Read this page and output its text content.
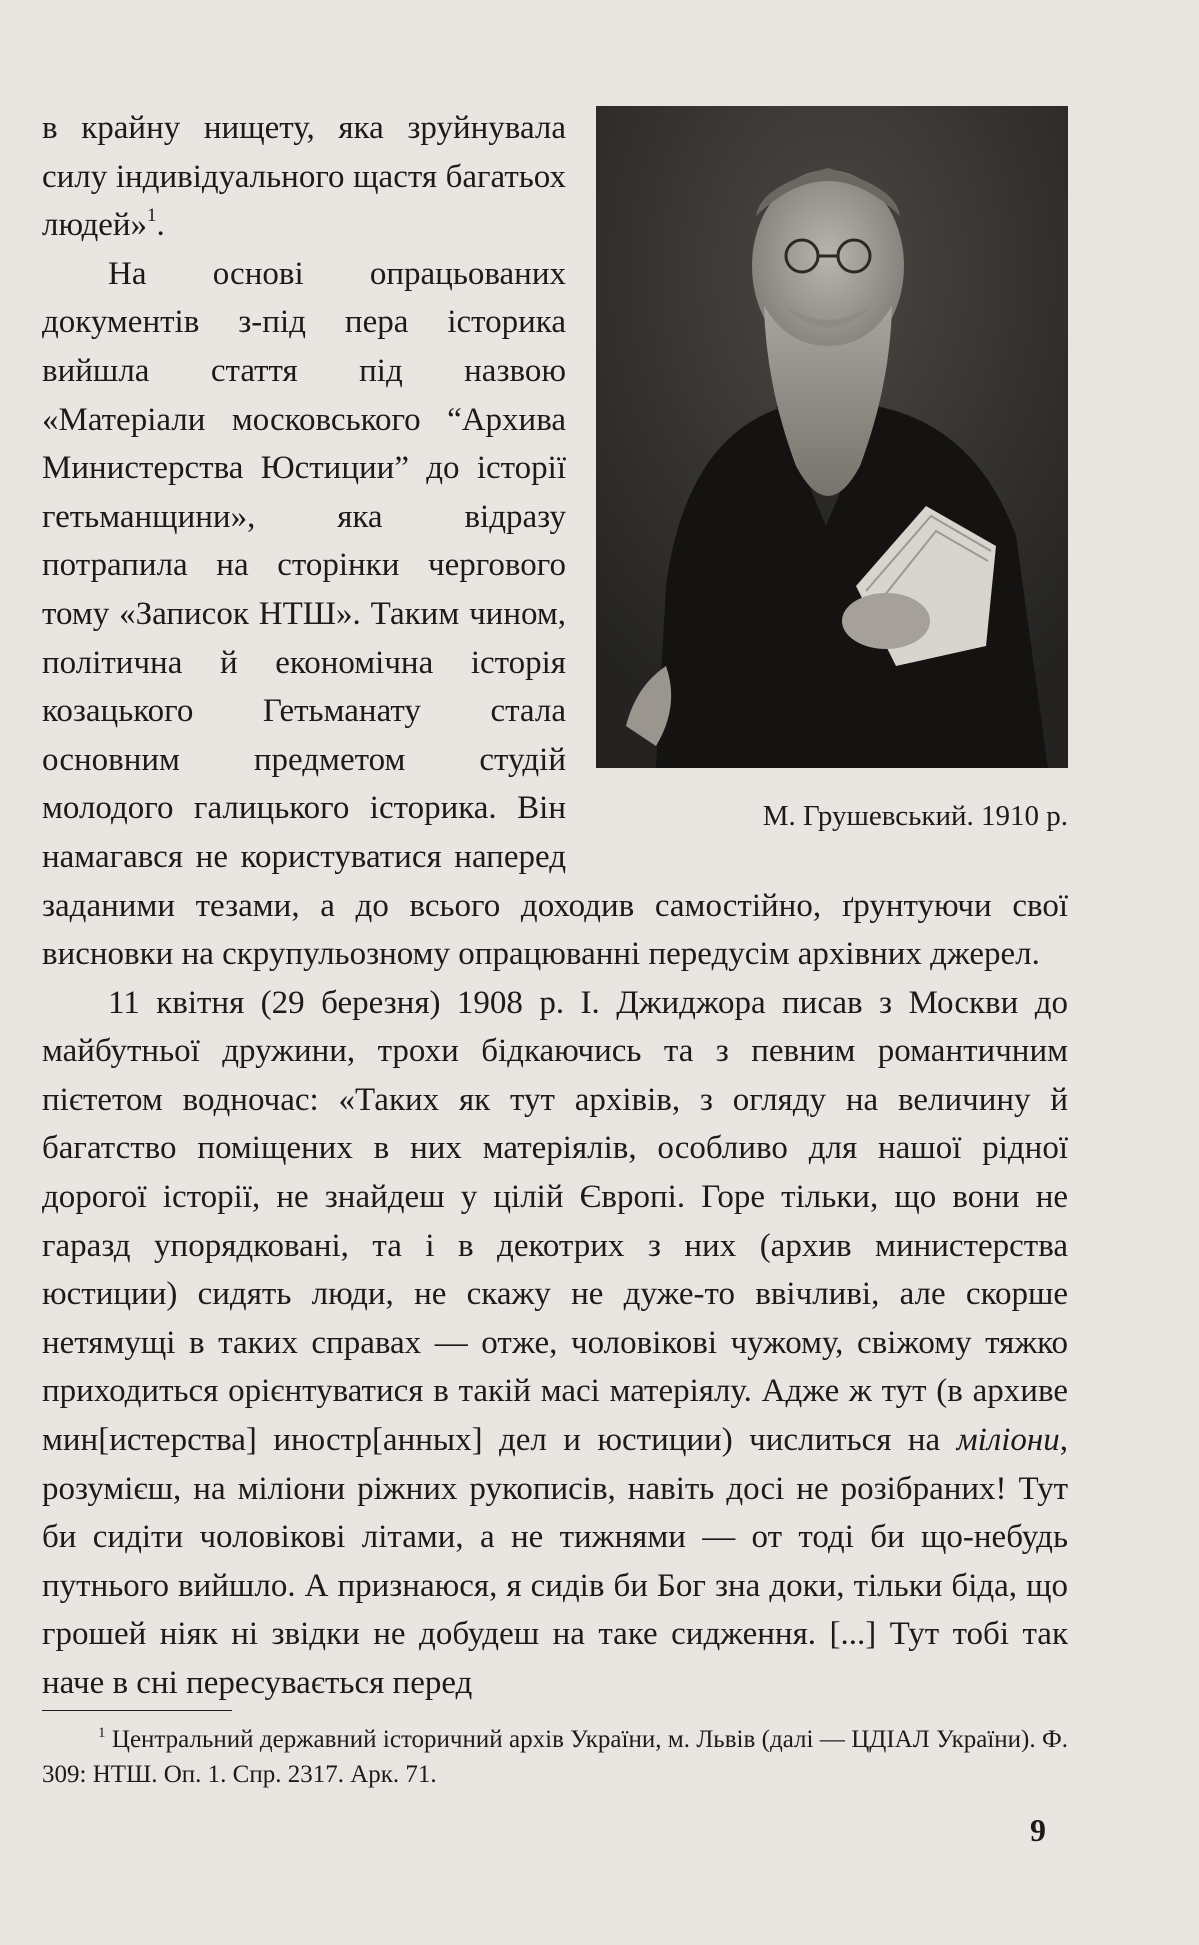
М. Грушевський. 1910 р.

в крайну нищету, яка зруйнувала силу індивідуального щастя багатьох людей»$^1$.

На основі опрацьованих документів з-під пера історика вийшла стаття під назвою «Матеріали московського “Архива Министерства Юстиции” до історії гетьманщини», яка відразу потрапила на сторінки чергового тому «Записок НТШ». Таким чином, політична й економічна історія козацького Гетьманату стала основним предметом студій молодого галицького історика. Він намагався не користуватися наперед заданими тезами, а до всього доходив самостійно, ґрунтуючи свої висновки на скрупульозному опрацюванні передусім архівних джерел.

11 квітня (29 березня) 1908 р. І. Джиджора писав з Москви до майбутньої дружини, трохи бідкаючись та з певним романтичним пієтетом водночас: «Таких як тут архівів, з огляду на величину й багатство поміщених в них матеріялів, особливо для нашої рідної дорогої історії, не знайдеш у цілій Європі. Горе тільки, що вони не гаразд упорядковані, та і в декотрих з них (архив министерства юстиции) сидять люди, не скажу не дуже-то ввічливі, але скорше нетямущі в таких справах — отже, чоловікові чужому, свіжому тяжко приходиться орієнтуватися в такій масі матеріялу. Адже ж тут (в архиве мин[истерства] иностр[анных] дел и юстиции) числиться на міліони, розумієш, на міліони ріжних рукописів, навіть досі не розібраних! Тут би сидіти чоловікові літами, а не тижнями — от тоді би що-небудь путнього вийшло. А признаюся, я сидів би Бог зна доки, тільки біда, що грошей ніяк ні звідки не добудеш на таке сидження. [...] Тут тобі так наче в сні пересувається перед

$^1$ Центральний державний історичний архів України, м. Львів (далі — ЦДІАЛ України). Ф. 309: НТШ. Оп. 1. Спр. 2317. Арк. 71.

9
